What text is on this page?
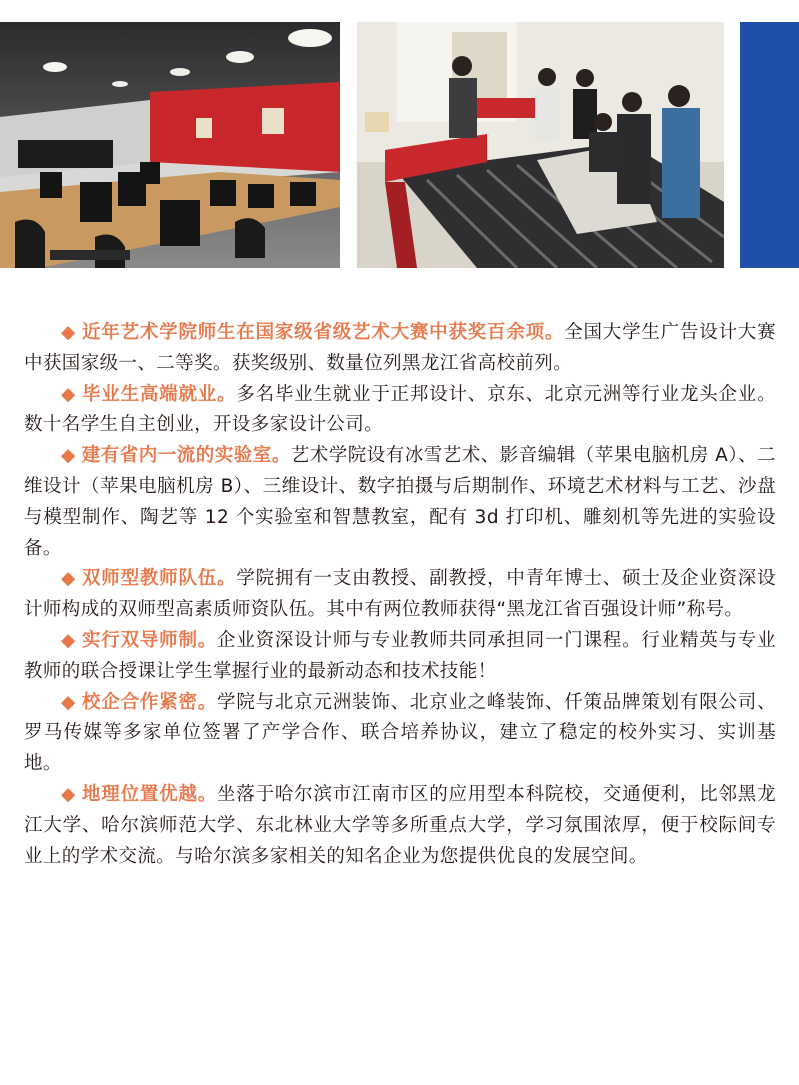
◆ 近年艺术学院师生在国家级省级艺术大赛中获奖百余项。全国大学生广告设计大赛中获国家级一、二等奖。获奖级别、数量位列黑龙江省高校前列。

◆ 毕业生高端就业。多名毕业生就业于正邦设计、京东、北京元洲等行业龙头企业。数十名学生自主创业，开设多家设计公司。

◆ 建有省内一流的实验室。艺术学院设有冰雪艺术、影音编辑（苹果电脑机房 A）、二维设计（苹果电脑机房 B）、三维设计、数字拍摄与后期制作、环境艺术材料与工艺、沙盘与模型制作、陶艺等 12 个实验室和智慧教室，配有 3d 打印机、雕刻机等先进的实验设备。

◆ 双师型教师队伍。学院拥有一支由教授、副教授，中青年博士、硕士及企业资深设计师构成的双师型高素质师资队伍。其中有两位教师获得“黑龙江省百强设计师”称号。

◆ 实行双导师制。企业资深设计师与专业教师共同承担同一门课程。行业精英与专业教师的联合授课让学生掌握行业的最新动态和技术技能！

◆ 校企合作紧密。学院与北京元洲装饰、北京业之峰装饰、仟策品牌策划有限公司、罗马传媒等多家单位签署了产学合作、联合培养协议，建立了稳定的校外实习、实训基地。

◆ 地理位置优越。坐落于哈尔滨市江南市区的应用型本科院校，交通便利，比邻黑龙江大学、哈尔滨师范大学、东北林业大学等多所重点大学，学习氛围浓厚，便于校际间专业上的学术交流。与哈尔滨多家相关的知名企业为您提供优良的发展空间。
